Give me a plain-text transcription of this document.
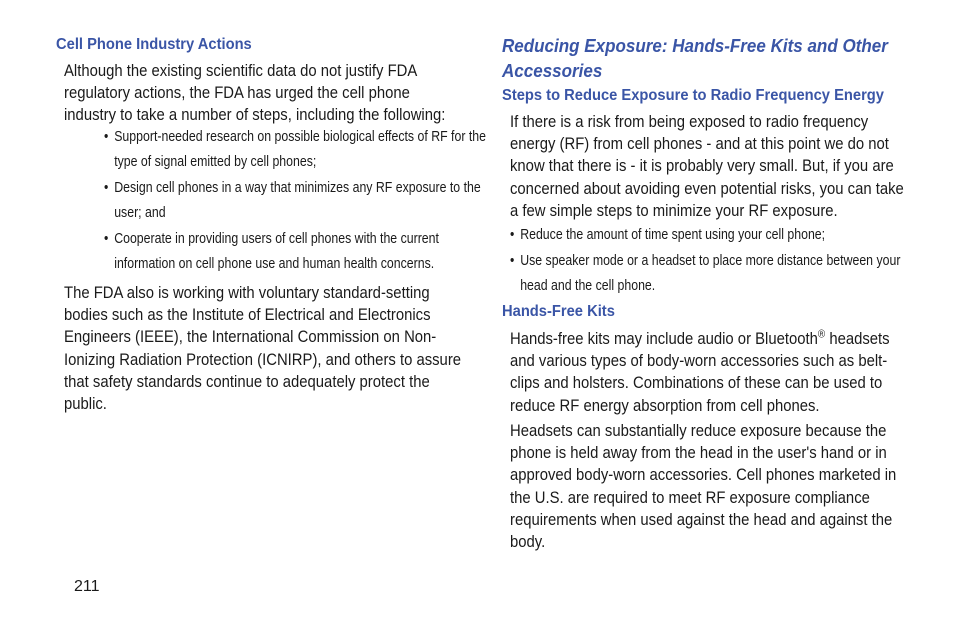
Cell Phone Industry Actions
Although the existing scientific data do not justify FDA regulatory actions, the FDA has urged the cell phone industry to take a number of steps, including the following:
• Support-needed research on possible biological effects of RF for the type of signal emitted by cell phones;
• Design cell phones in a way that minimizes any RF exposure to the user; and
• Cooperate in providing users of cell phones with the current information on cell phone use and human health concerns.
The FDA also is working with voluntary standard-setting bodies such as the Institute of Electrical and Electronics Engineers (IEEE), the International Commission on Non-Ionizing Radiation Protection (ICNIRP), and others to assure that safety standards continue to adequately protect the public.
Reducing Exposure: Hands-Free Kits and Other Accessories
Steps to Reduce Exposure to Radio Frequency Energy
If there is a risk from being exposed to radio frequency energy (RF) from cell phones - and at this point we do not know that there is - it is probably very small. But, if you are concerned about avoiding even potential risks, you can take a few simple steps to minimize your RF exposure.
• Reduce the amount of time spent using your cell phone;
• Use speaker mode or a headset to place more distance between your head and the cell phone.
Hands-Free Kits
Hands-free kits may include audio or Bluetooth® headsets and various types of body-worn accessories such as belt-clips and holsters. Combinations of these can be used to reduce RF energy absorption from cell phones.
Headsets can substantially reduce exposure because the phone is held away from the head in the user's hand or in approved body-worn accessories. Cell phones marketed in the U.S. are required to meet RF exposure compliance requirements when used against the head and against the body.
211
